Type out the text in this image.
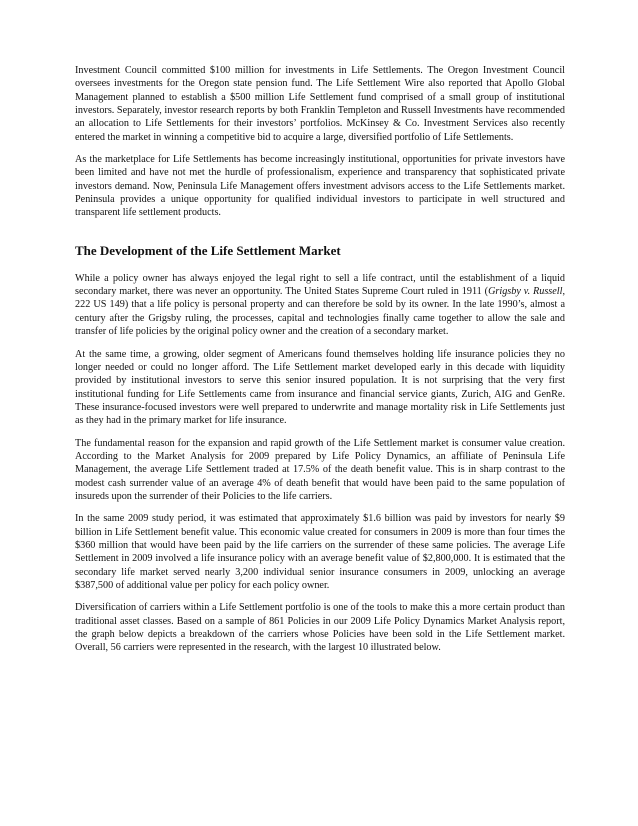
Investment Council committed $100 million for investments in Life Settlements. The Oregon Investment Council oversees investments for the Oregon state pension fund. The Life Settlement Wire also reported that Apollo Global Management planned to establish a $500 million Life Settlement fund comprised of a small group of institutional investors. Separately, investor research reports by both Franklin Templeton and Russell Investments have recommended an allocation to Life Settlements for their investors’ portfolios. McKinsey & Co. Investment Services also recently entered the market in winning a competitive bid to acquire a large, diversified portfolio of Life Settlements.

As the marketplace for Life Settlements has become increasingly institutional, opportunities for private investors have been limited and have not met the hurdle of professionalism, experience and transparency that sophisticated private investors demand. Now, Peninsula Life Management offers investment advisors access to the Life Settlements market. Peninsula provides a unique opportunity for qualified individual investors to participate in well structured and transparent life settlement products.

The Development of the Life Settlement Market

While a policy owner has always enjoyed the legal right to sell a life contract, until the establishment of a liquid secondary market, there was never an opportunity. The United States Supreme Court ruled in 1911 (Grigsby v. Russell, 222 US 149) that a life policy is personal property and can therefore be sold by its owner. In the late 1990’s, almost a century after the Grigsby ruling, the processes, capital and technologies finally came together to allow the sale and transfer of life policies by the original policy owner and the creation of a secondary market.

At the same time, a growing, older segment of Americans found themselves holding life insurance policies they no longer needed or could no longer afford. The Life Settlement market developed early in this decade with liquidity provided by institutional investors to serve this senior insured population. It is not surprising that the very first institutional funding for Life Settlements came from insurance and financial service giants, Zurich, AIG and GenRe. These insurance-focused investors were well prepared to underwrite and manage mortality risk in Life Settlements just as they had in the primary market for life insurance.

The fundamental reason for the expansion and rapid growth of the Life Settlement market is consumer value creation. According to the Market Analysis for 2009 prepared by Life Policy Dynamics, an affiliate of Peninsula Life Management, the average Life Settlement traded at 17.5% of the death benefit value. This is in sharp contrast to the modest cash surrender value of an average 4% of death benefit that would have been paid to the same population of insureds upon the surrender of their Policies to the life carriers.

In the same 2009 study period, it was estimated that approximately $1.6 billion was paid by investors for nearly $9 billion in Life Settlement benefit value. This economic value created for consumers in 2009 is more than four times the $360 million that would have been paid by the life carriers on the surrender of these same policies. The average Life Settlement in 2009 involved a life insurance policy with an average benefit value of $2,800,000. It is estimated that the secondary life market served nearly 3,200 individual senior insurance consumers in 2009, unlocking an average $387,500 of additional value per policy for each policy owner.

Diversification of carriers within a Life Settlement portfolio is one of the tools to make this a more certain product than traditional asset classes. Based on a sample of 861 Policies in our 2009 Life Policy Dynamics Market Analysis report, the graph below depicts a breakdown of the carriers whose Policies have been sold in the Life Settlement market. Overall, 56 carriers were represented in the research, with the largest 10 illustrated below.
